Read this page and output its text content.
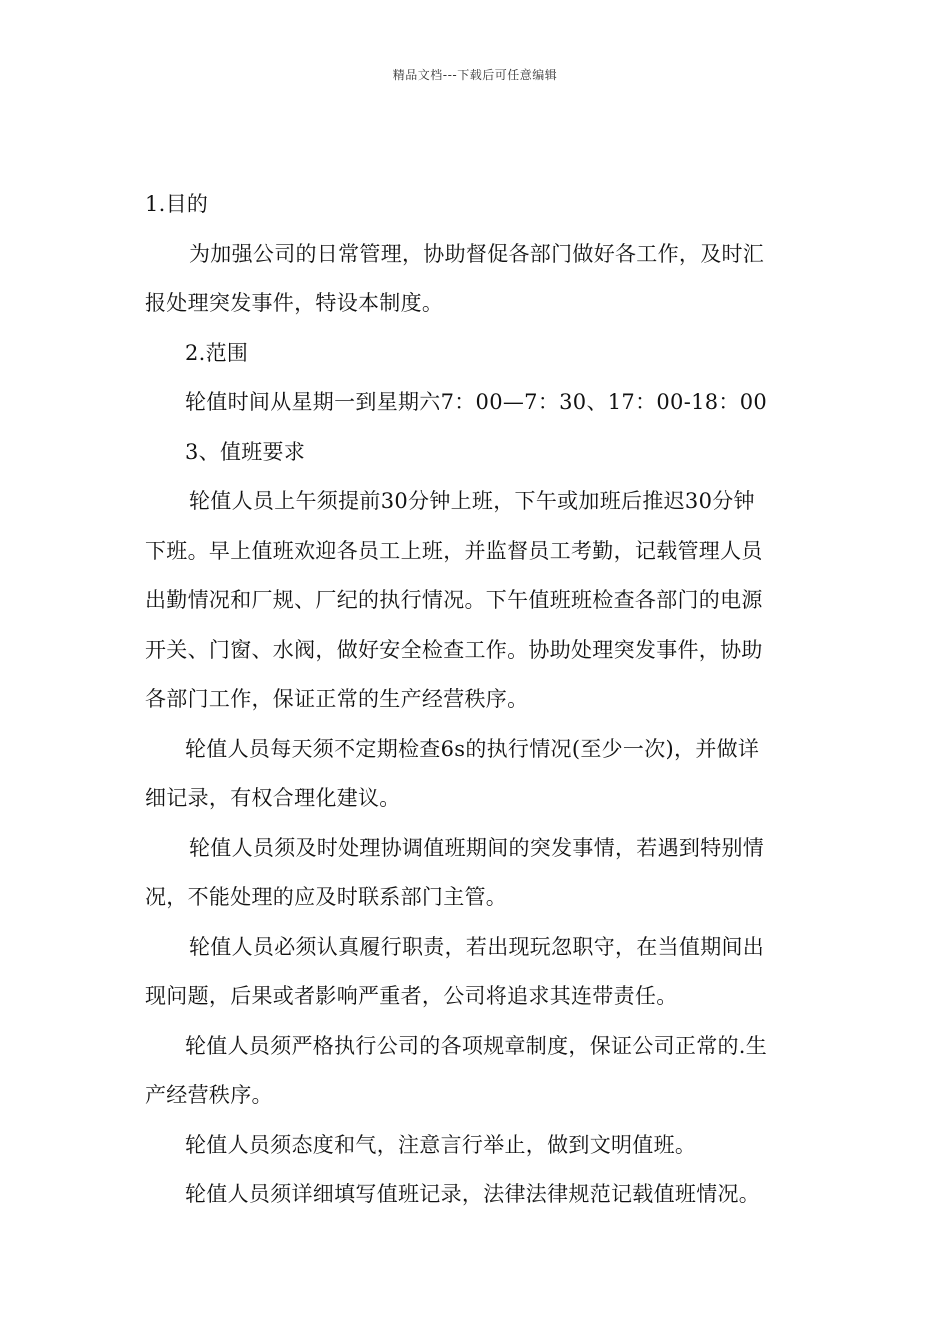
精品文档---下载后可任意编辑
1.目的
为加强公司的日常管理，协助督促各部门做好各工作，及时汇
报处理突发事件，特设本制度。
2.范围
轮值时间从星期一到星期六7：00—7：30、17：00-18：00
3、值班要求
轮值人员上午须提前30分钟上班，下午或加班后推迟30分钟
下班。早上值班欢迎各员工上班，并监督员工考勤，记载管理人员
出勤情况和厂规、厂纪的执行情况。下午值班班检查各部门的电源
开关、门窗、水阀，做好安全检查工作。协助处理突发事件，协助
各部门工作，保证正常的生产经营秩序。
轮值人员每天须不定期检查6s的执行情况(至少一次)，并做详
细记录，有权合理化建议。
轮值人员须及时处理协调值班期间的突发事情，若遇到特别情
况，不能处理的应及时联系部门主管。
轮值人员必须认真履行职责，若出现玩忽职守，在当值期间出
现问题，后果或者影响严重者，公司将追求其连带责任。
轮值人员须严格执行公司的各项规章制度，保证公司正常的.生
产经营秩序。
轮值人员须态度和气，注意言行举止，做到文明值班。
轮值人员须详细填写值班记录，法律法律规范记载值班情况。
